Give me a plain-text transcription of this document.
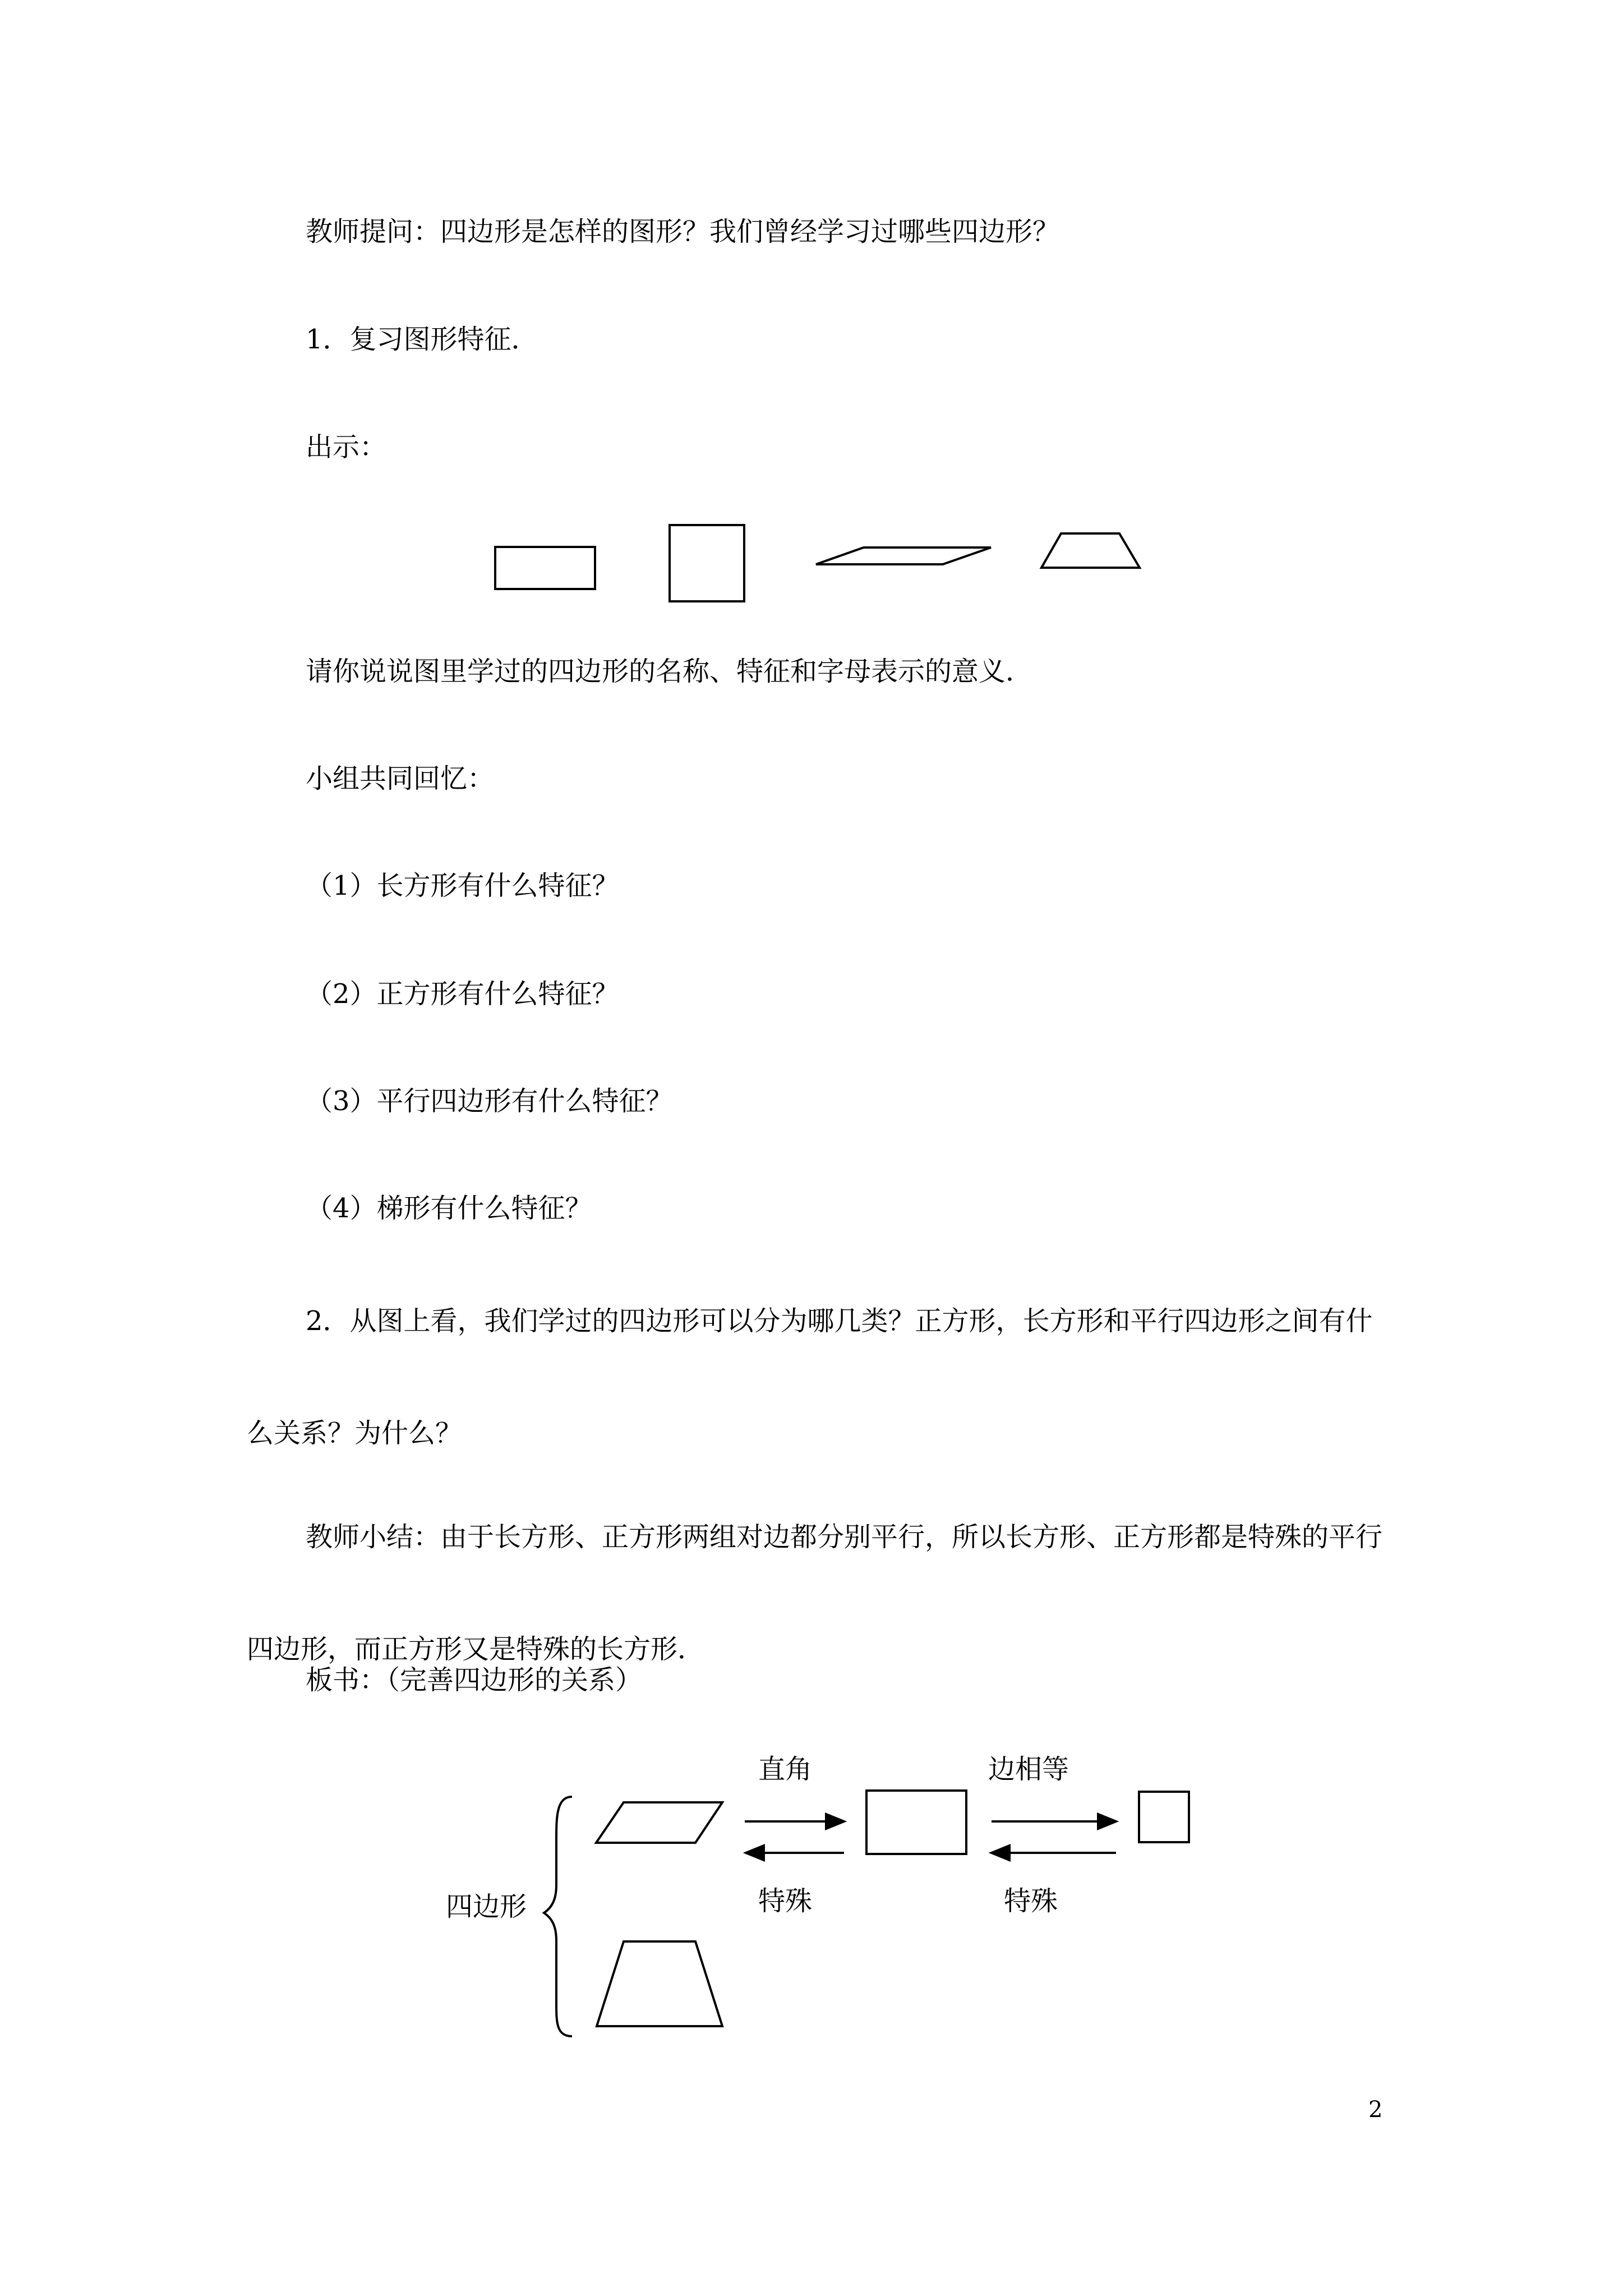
教师提问：四边形是怎样的图形？我们曾经学习过哪些四边形？
1．复习图形特征．
出示：
请你说说图里学过的四边形的名称、特征和字母表示的意义．
小组共同回忆：
（1）长方形有什么特征？
（2）正方形有什么特征？
（3）平行四边形有什么特征？
（4）梯形有什么特征？
2．从图上看，我们学过的四边形可以分为哪几类？正方形，长方形和平行四边形之间有什么关系？为什么？
教师小结：由于长方形、正方形两组对边都分别平行，所以长方形、正方形都是特殊的平行四边形，而正方形又是特殊的长方形．
板书：（完善四边形的关系）
四边形
直角
特殊
边相等
特殊
2
